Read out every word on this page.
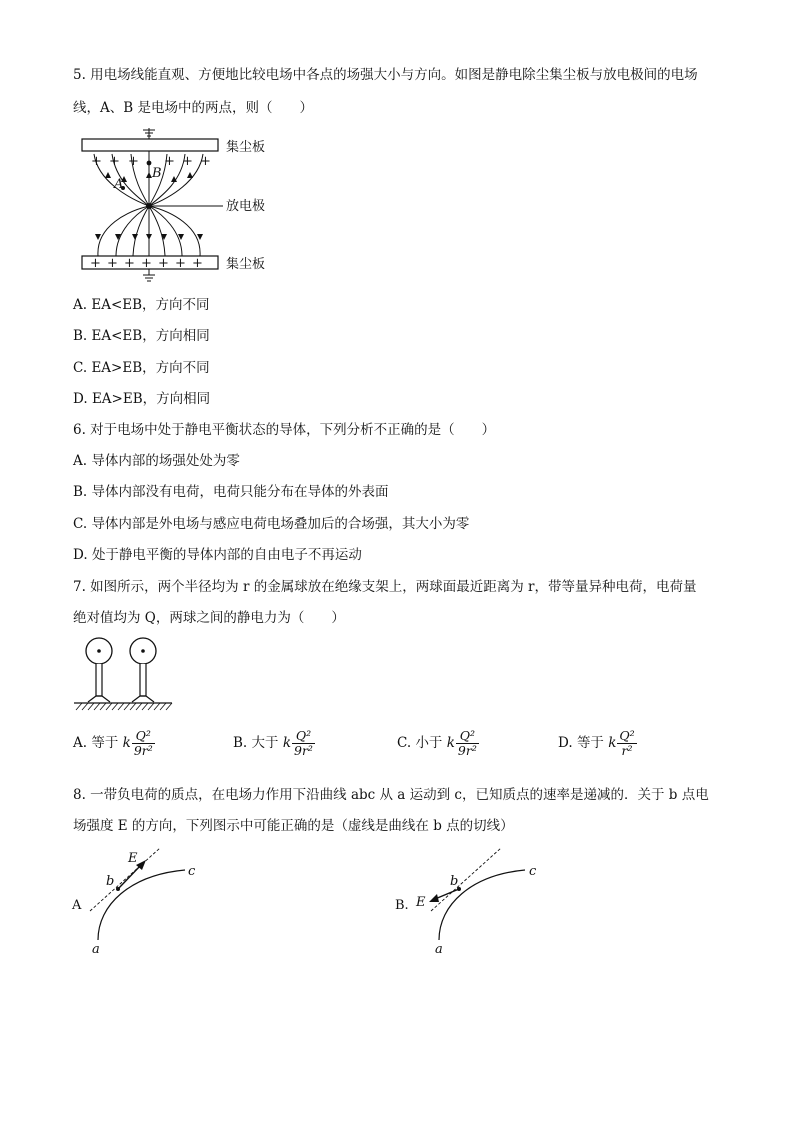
5. 用电场线能直观、方便地比较电场中各点的场强大小与方向。如图是静电除尘集尘板与放电极间的电场
线，A、B 是电场中的两点，则（　　）
+ + + + + +
A
B
+ + + + + + +
集尘板
放电极
集尘板
A. EA<EB，方向不同
B. EA<EB，方向相同
C. EA>EB，方向不同
D. EA>EB，方向相同
6. 对于电场中处于静电平衡状态的导体，下列分析不正确的是（　　）
A. 导体内部的场强处处为零
B. 导体内部没有电荷，电荷只能分布在导体的外表面
C. 导体内部是外电场与感应电荷电场叠加后的合场强，其大小为零
D. 处于静电平衡的导体内部的自由电子不再运动
7. 如图所示，两个半径均为 r 的金属球放在绝缘支架上，两球面最近距离为 r，带等量异种电荷，电荷量
绝对值均为 Q，两球之间的静电力为（　　）
A. 等于 k $\frac{\text{Q²}}{\text{9r²}}$	B. 大于 k $\frac{\text{Q²}}{\text{9r²}}$	C. 小于 k $\frac{\text{Q²}}{\text{9r²}}$	D. 等于 k $\frac{\text{Q²}}{\text{r²}}$
8. 一带负电荷的质点，在电场力作用下沿曲线 abc 从 a 运动到 c，已知质点的速率是递减的．关于 b 点电
场强度 E 的方向，下列图示中可能正确的是（虚线是曲线在 b 点的切线）
A
E
b
c
a
B. E
b
c
a
